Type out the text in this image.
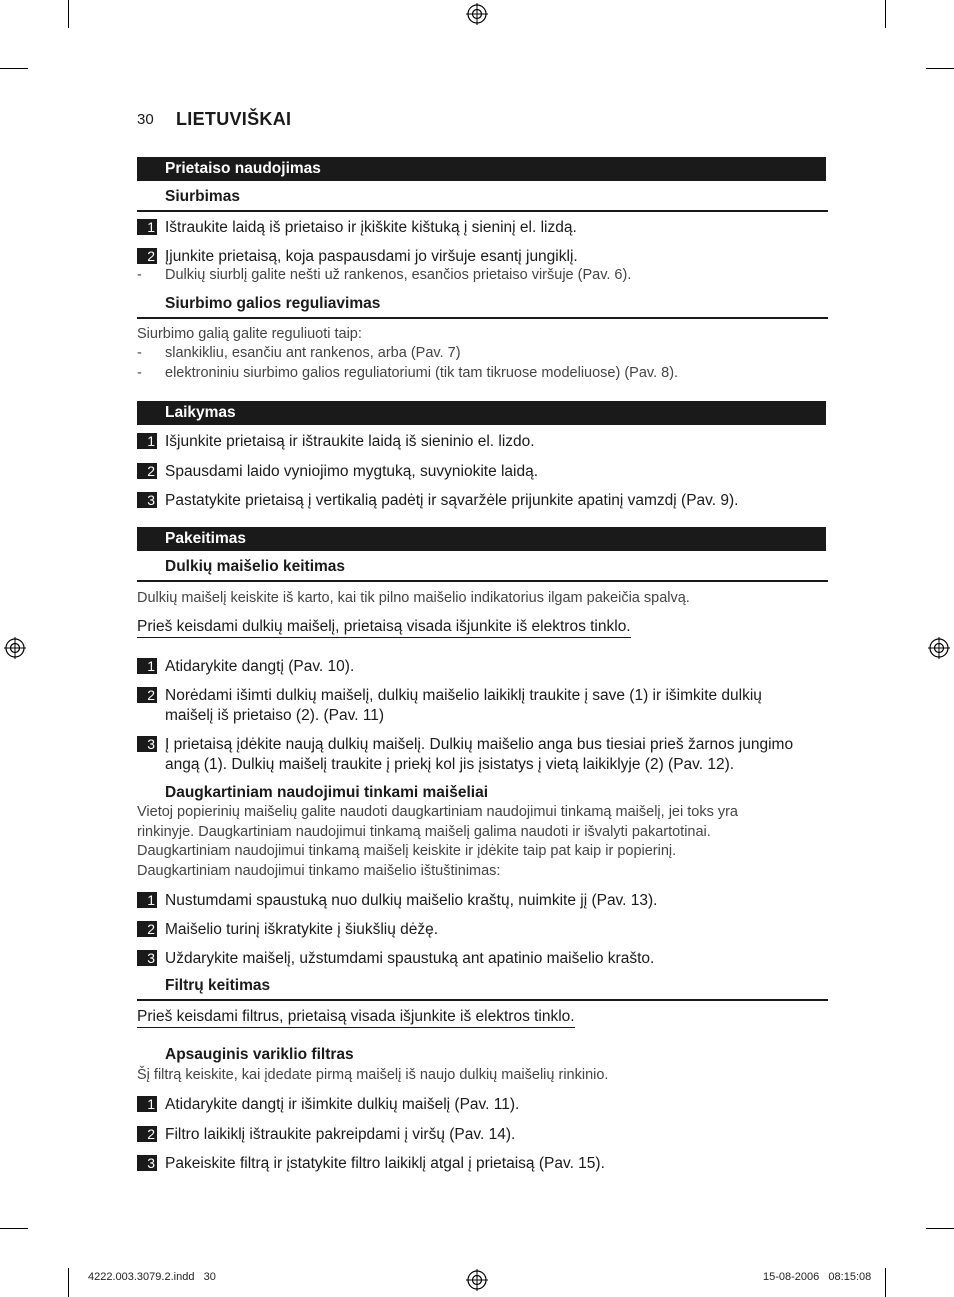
30 LIETUVIŠKAI
Prietaiso naudojimas
Siurbimas
1 Ištraukite laidą iš prietaiso ir įkiškite kištuką į sieninį el. lizdą.
2 Įjunkite prietaisą, koja paspausdami jo viršuje esantį jungiklį.
- Dulkių siurblį galite nešti už rankenos, esančios prietaiso viršuje (Pav. 6).
Siurbimo galios reguliavimas
Siurbimo galią galite reguliuoti taip:
- slankikliu, esančiu ant rankenos, arba (Pav. 7)
- elektroniniu siurbimo galios reguliatoriumi (tik tam tikruose modeliuose) (Pav. 8).
Laikymas
1 Išjunkite prietaisą ir ištraukite laidą iš sieninio el. lizdo.
2 Spausdami laido vyniojimo mygtuką, suvyniokite laidą.
3 Pastatykite prietaisą į vertikalią padėtį ir sąvaržėle prijunkite apatinį vamzdį (Pav. 9).
Pakeitimas
Dulkių maišelio keitimas
Dulkių maišelį keiskite iš karto, kai tik pilno maišelio indikatorius ilgam pakeičia spalvą.
Prieš keisdami dulkių maišelį, prietaisą visada išjunkite iš elektros tinklo.
1 Atidarykite dangtį (Pav. 10).
2 Norėdami išimti dulkių maišelį, dulkių maišelio laikiklį traukite į save (1) ir išimkite dulkių maišelį iš prietaiso (2). (Pav. 11)
3 Į prietaisą įdėkite naują dulkių maišelį. Dulkių maišelio anga bus tiesiai prieš žarnos jungimo angą (1). Dulkių maišelį traukite į priekį kol jis įsistatys į vietą laikiklyje (2) (Pav. 12).
Daugkartiniam naudojimui tinkami maišeliai
Vietoj popierinių maišelių galite naudoti daugkartiniam naudojimui tinkamą maišelį, jei toks yra
rinkinyje. Daugkartiniam naudojimui tinkamą maišelį galima naudoti ir išvalyti pakartotinai.
Daugkartiniam naudojimui tinkamą maišelį keiskite ir įdėkite taip pat kaip ir popierinį.
Daugkartiniam naudojimui tinkamo maišelio ištuštinimas:
1 Nustumdami spaustuką nuo dulkių maišelio kraštų, nuimkite jį (Pav. 13).
2 Maišelio turinį iškratykite į šiukšlių dėžę.
3 Uždarykite maišelį, užstumdami spaustuką ant apatinio maišelio krašto.
Filtrų keitimas
Prieš keisdami filtrus, prietaisą visada išjunkite iš elektros tinklo.
Apsauginis variklio filtras
Šį filtrą keiskite, kai įdedate pirmą maišelį iš naujo dulkių maišelių rinkinio.
1 Atidarykite dangtį ir išimkite dulkių maišelį (Pav. 11).
2 Filtro laikiklį ištraukite pakreipdami į viršų (Pav. 14).
3 Pakeiskite filtrą ir įstatykite filtro laikiklį atgal į prietaisą (Pav. 15).
4222.003.3079.2.indd   30	15-08-2006   08:15:08
